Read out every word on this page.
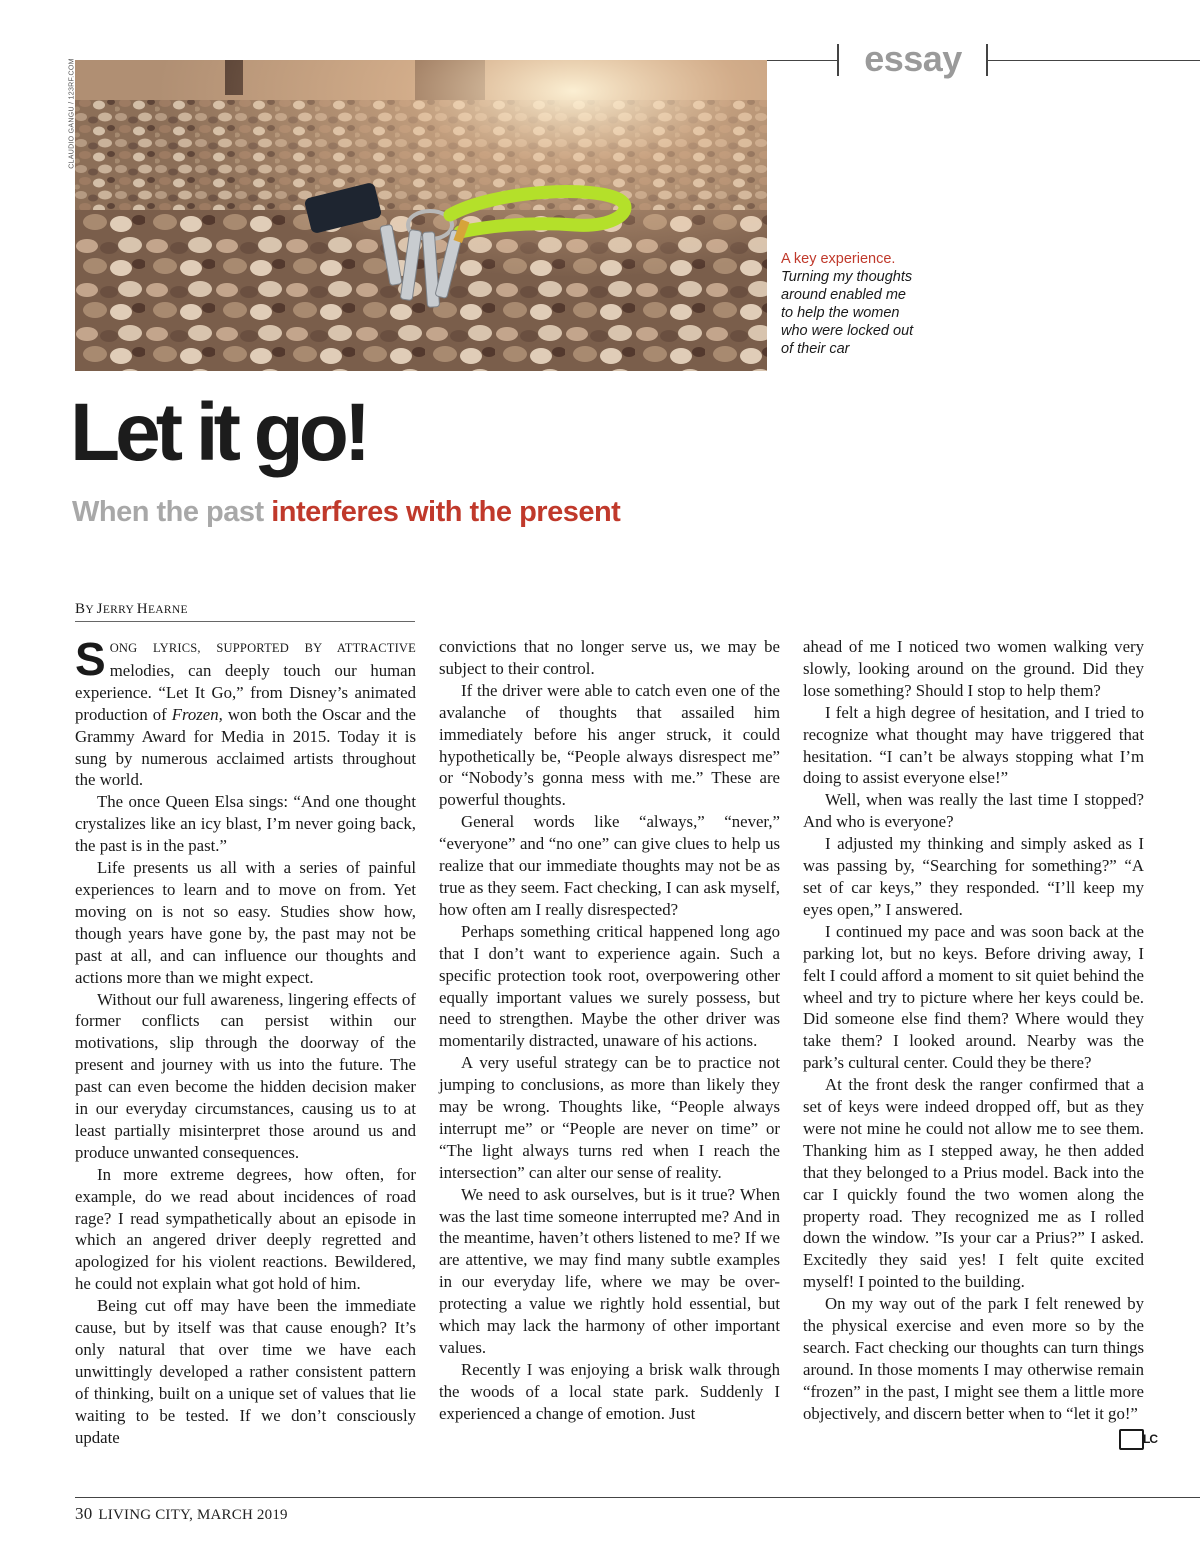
essay
CLAUDIO GANGU / 123RF.COM
A key experience.
Turning my thoughts around enabled me to help the women who were locked out of their car
Let it go!
When the past interferes with the present
BY JERRY HEARNE

SONG LYRICS, SUPPORTED BY ATTRACTIVE melodies, can deeply touch our human experience. “Let It Go,” from Disney’s animated production of Frozen, won both the Oscar and the Grammy Award for Media in 2015. Today it is sung by numerous acclaimed artists throughout the world.

The once Queen Elsa sings: “And one thought crystalizes like an icy blast, I’m never going back, the past is in the past.”

Life presents us all with a series of painful experiences to learn and to move on from. Yet moving on is not so easy. Studies show how, though years have gone by, the past may not be past at all, and can influence our thoughts and actions more than we might expect.

Without our full awareness, lingering effects of former conflicts can persist within our motivations, slip through the doorway of the present and journey with us into the future. The past can even become the hidden decision maker in our everyday circumstances, causing us to at least partially misinterpret those around us and produce unwanted consequences.

In more extreme degrees, how often, for example, do we read about incidences of road rage? I read sympathetically about an episode in which an angered driver deeply regretted and apologized for his violent reactions. Bewildered, he could not explain what got hold of him.

Being cut off may have been the immediate cause, but by itself was that cause enough? It’s only natural that over time we have each unwittingly developed a rather consistent pattern of thinking, built on a unique set of values that lie waiting to be tested. If we don’t consciously update

convictions that no longer serve us, we may be subject to their control.

If the driver were able to catch even one of the avalanche of thoughts that assailed him immediately before his anger struck, it could hypothetically be, “People always disrespect me” or “Nobody’s gonna mess with me.” These are powerful thoughts.

General words like “always,” “never,” “everyone” and “no one” can give clues to help us realize that our immediate thoughts may not be as true as they seem. Fact checking, I can ask myself, how often am I really disrespected?

Perhaps something critical happened long ago that I don’t want to experience again. Such a specific protection took root, overpowering other equally important values we surely possess, but need to strengthen. Maybe the other driver was momentarily distracted, unaware of his actions.

A very useful strategy can be to practice not jumping to conclusions, as more than likely they may be wrong. Thoughts like, “People always interrupt me” or “People are never on time” or “The light always turns red when I reach the intersection” can alter our sense of reality.

We need to ask ourselves, but is it true? When was the last time someone interrupted me? And in the meantime, haven’t others listened to me? If we are attentive, we may find many subtle examples in our everyday life, where we may be over-protecting a value we rightly hold essential, but which may lack the harmony of other important values.

Recently I was enjoying a brisk walk through the woods of a local state park. Suddenly I experienced a change of emotion. Just

ahead of me I noticed two women walking very slowly, looking around on the ground. Did they lose something? Should I stop to help them?

I felt a high degree of hesitation, and I tried to recognize what thought may have triggered that hesitation. “I can’t be always stopping what I’m doing to assist everyone else!”

Well, when was really the last time I stopped? And who is everyone?

I adjusted my thinking and simply asked as I was passing by, “Searching for something?” “A set of car keys,” they responded. “I’ll keep my eyes open,” I answered.

I continued my pace and was soon back at the parking lot, but no keys. Before driving away, I felt I could afford a moment to sit quiet behind the wheel and try to picture where her keys could be. Did someone else find them? Where would they take them? I looked around. Nearby was the park’s cultural center. Could they be there?

At the front desk the ranger confirmed that a set of keys were indeed dropped off, but as they were not mine he could not allow me to see them. Thanking him as I stepped away, he then added that they belonged to a Prius model. Back into the car I quickly found the two women along the property road. They recognized me as I rolled down the window. ”Is your car a Prius?” I asked. Excitedly they said yes! I felt quite excited myself! I pointed to the building.

On my way out of the park I felt renewed by the physical exercise and even more so by the search. Fact checking our thoughts can turn things around. In those moments I may otherwise remain “frozen” in the past, I might see them a little more objectively, and discern better when to “let it go!”
LC

30 LIVING CITY, MARCH 2019
